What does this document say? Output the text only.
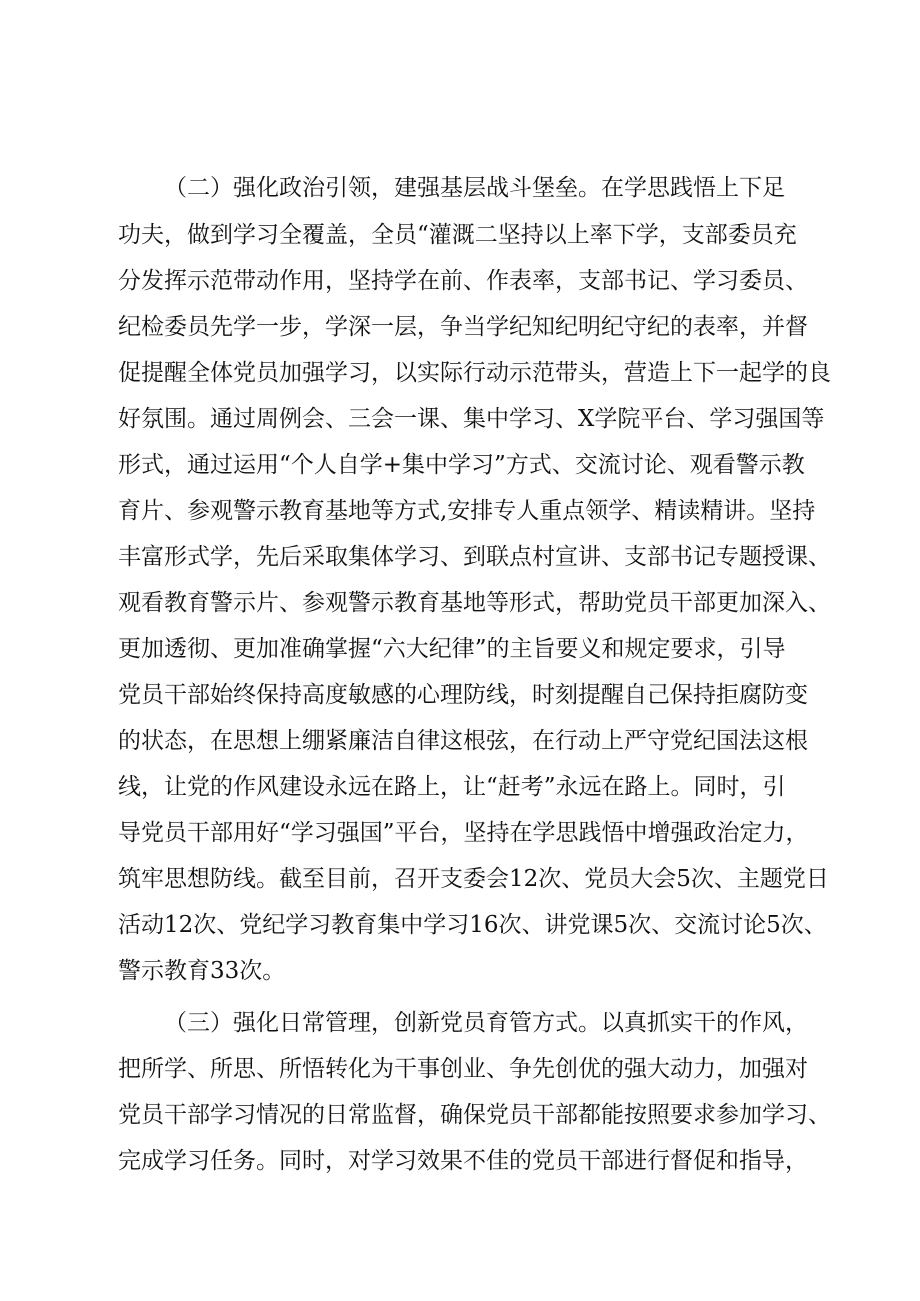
（二）强化政治引领，建强基层战斗堡垒。在学思践悟上下足
功夫，做到学习全覆盖，全员“灌溉二坚持以上率下学，支部委员充
分发挥示范带动作用，坚持学在前、作表率，支部书记、学习委员、
纪检委员先学一步，学深一层，争当学纪知纪明纪守纪的表率，并督
促提醒全体党员加强学习，以实际行动示范带头，营造上下一起学的良
好氛围。通过周例会、三会一课、集中学习、X学院平台、学习强国等
形式，通过运用“个人自学+集中学习”方式、交流讨论、观看警示教
育片、参观警示教育基地等方式,安排专人重点领学、精读精讲。坚持
丰富形式学，先后采取集体学习、到联点村宣讲、支部书记专题授课、
观看教育警示片、参观警示教育基地等形式，帮助党员干部更加深入、
更加透彻、更加准确掌握“六大纪律”的主旨要义和规定要求，引导
党员干部始终保持高度敏感的心理防线，时刻提醒自己保持拒腐防变
的状态，在思想上绷紧廉洁自律这根弦，在行动上严守党纪国法这根
线，让党的作风建设永远在路上，让“赶考”永远在路上。同时，引
导党员干部用好“学习强国”平台，坚持在学思践悟中增强政治定力，
筑牢思想防线。截至目前，召开支委会12次、党员大会5次、主题党日
活动12次、党纪学习教育集中学习16次、讲党课5次、交流讨论5次、
警示教育33次。
（三）强化日常管理，创新党员育管方式。以真抓实干的作风，
把所学、所思、所悟转化为干事创业、争先创优的强大动力，加强对
党员干部学习情况的日常监督，确保党员干部都能按照要求参加学习、
完成学习任务。同时，对学习效果不佳的党员干部进行督促和指导，
